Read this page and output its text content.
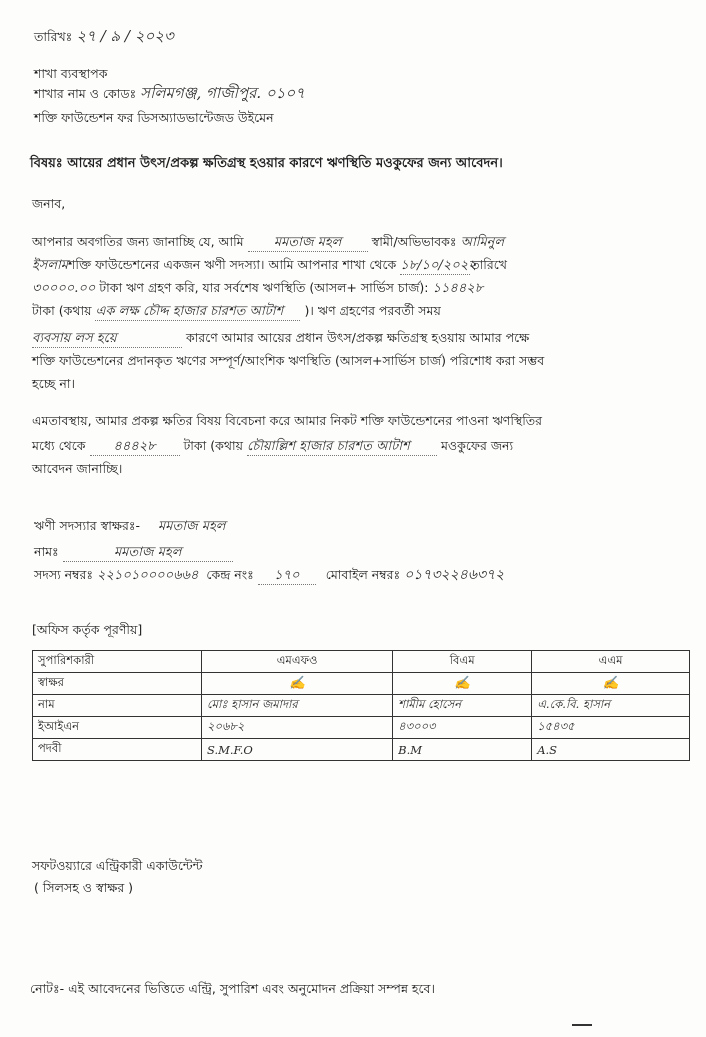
তারিখঃ ২৭ / ৯ / ২০২৩
শাখা ব্যবস্থাপক
শাখার নাম ও কোডঃ সলিমগঞ্জ, গাজীপুর. ০১০৭
শক্তি ফাউন্ডেশন ফর ডিসঅ্যাডভান্টেজড উইমেন
বিষয়ঃ আয়ের প্রধান উৎস/প্রকল্প ক্ষতিগ্রস্থ হওয়ার কারণে ঋণস্থিতি মওকুফের জন্য আবেদন।
জনাব,
আপনার অবগতির জন্য জানাচ্ছি যে, আমি মমতাজ মহল স্বামী/অভিভাবকঃ আমিনুল
ইসলামশক্তি ফাউন্ডেশনের একজন ঋণী সদস্যা। আমি আপনার শাখা থেকে ১৮/১০/২০২২তারিখে
৩০০০০.০০ টাকা ঋণ গ্রহণ করি, যার সর্বশেষ ঋণস্থিতি (আসল+ সার্ভিস চার্জ): ১১৪৪২৮
টাকা (কথায় এক লক্ষ চৌদ্দ হাজার চারশত আটাশ )। ঋণ গ্রহণের পরবর্তী সময়
ব্যবসায় লস হয়ে	কারণে আমার আয়ের প্রধান উৎস/প্রকল্প ক্ষতিগ্রস্থ হওয়ায় আমার পক্ষে
শক্তি ফাউন্ডেশনের প্রদানকৃত ঋণের সম্পূর্ণ/আংশিক ঋণস্থিতি (আসল+সার্ভিস চার্জ) পরিশোধ করা সম্ভব
হচ্ছে না।
এমতাবস্থায়, আমার প্রকল্প ক্ষতির বিষয় বিবেচনা করে আমার নিকট শক্তি ফাউন্ডেশনের পাওনা ঋণস্থিতির
মধ্যে থেকে ৪৪৪২৮ টাকা (কথায় চৌয়াল্লিশ হাজার চারশত আটাশ	মওকুফের জন্য
আবেদন জানাচ্ছি।
ঋণী সদস্যার স্বাক্ষরঃ- মমতাজ মহল
নামঃ	মমতাজ মহল
সদস্য নম্বরঃ ২২১০১০০০০৬৬৪ কেন্দ্র নংঃ ১৭০ মোবাইল নম্বরঃ ০১৭৩২২৪৬৩৭২
[অফিস কর্তৃক পূরণীয়]
সুপারিশকারী	এমএফও	বিএম	এএম
স্বাক্ষর	✍	✍	✍
নাম	মোঃ হাসান জমাদার	শামীম হোসেন	এ.কে.বি. হাসান
ইআইএন	২০৬৮২	৪৩০০৩	১৫৪৩৫
পদবী	S.M.F.O	B.M	A.S
সফটওয়্যারে এন্ট্রিকারী একাউন্টেন্ট
( সিলসহ ও স্বাক্ষর )
নোটঃ- এই আবেদনের ভিত্তিতে এন্ট্রি, সুপারিশ এবং অনুমোদন প্রক্রিয়া সম্পন্ন হবে।
